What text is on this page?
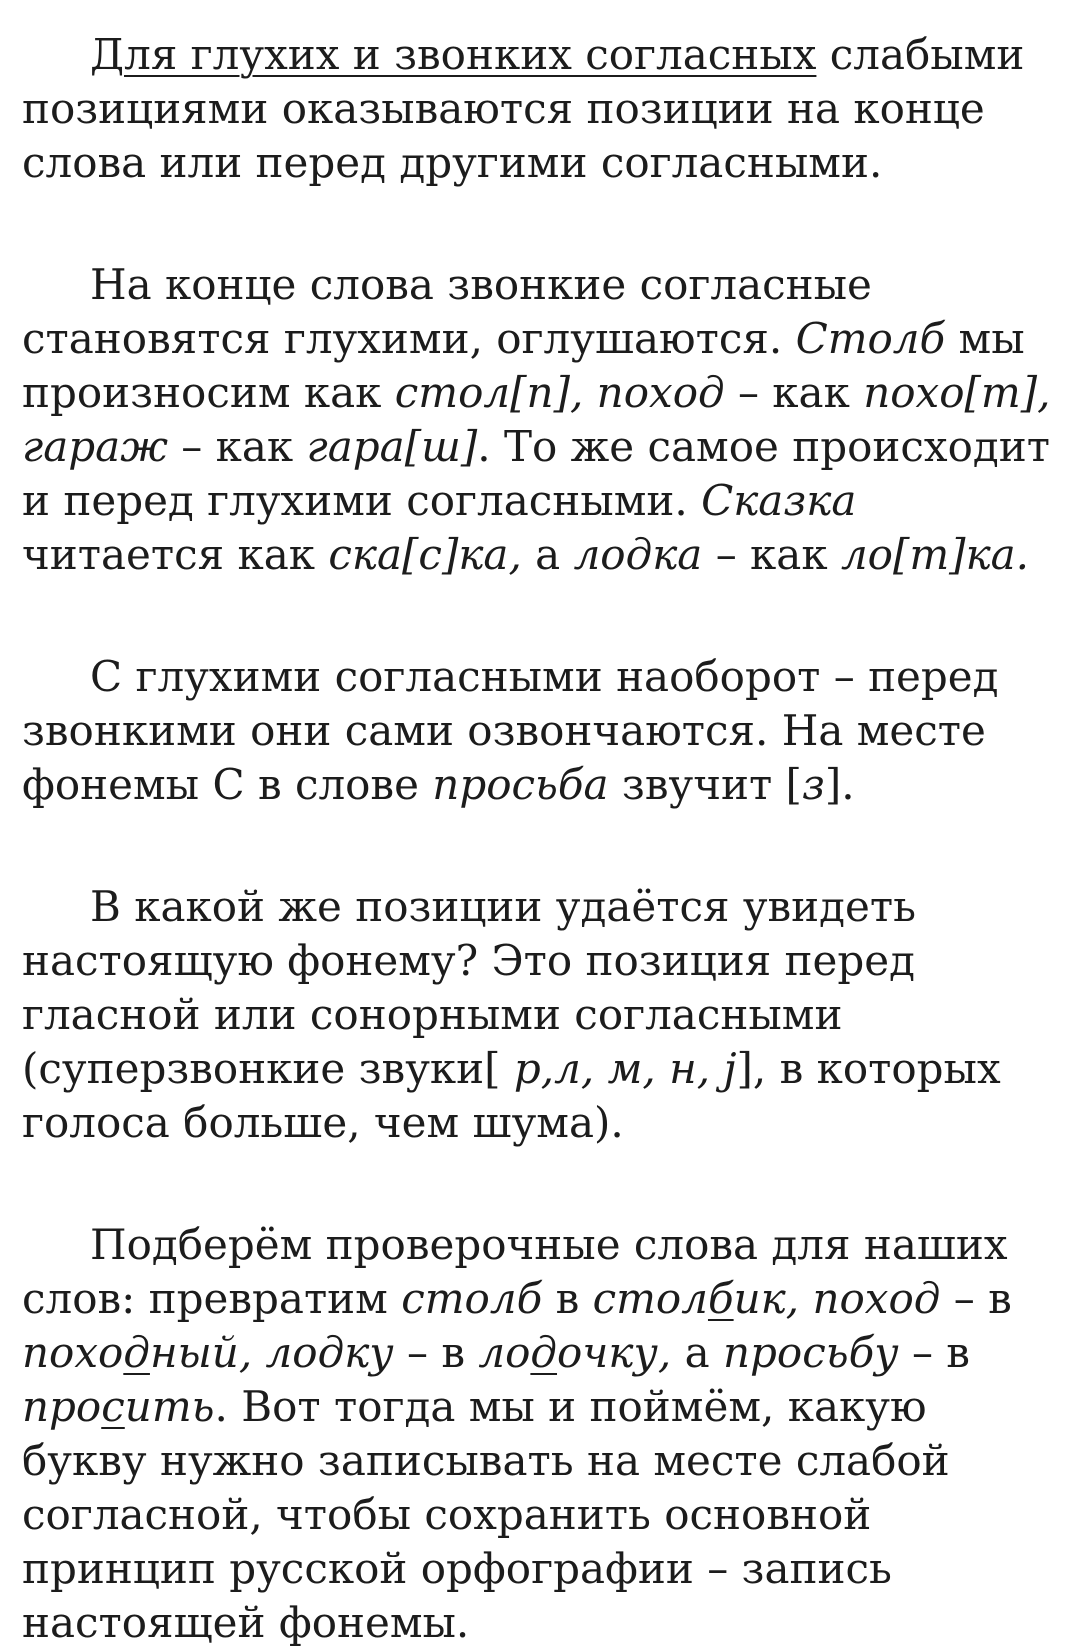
Для глухих и звонких согласных слабыми позициями оказываются позиции на конце слова или перед другими согласными.

На конце слова звонкие согласные становятся глухими, оглушаются. Столб мы произносим как стол[п], поход – как похо[т], гараж – как гара[ш]. То же самое происходит и перед глухими согласными. Сказка читается как ска[с]ка, а лодка – как ло[т]ка.

С глухими согласными наоборот – перед звонкими они сами озвончаются. На месте фонемы С в слове просьба звучит [з].

В какой же позиции удаётся увидеть настоящую фонему? Это позиция перед гласной или сонорными согласными (суперзвонкие звуки[ р,л, м, н, j], в которых голоса больше, чем шума).

Подберём проверочные слова для наших слов: превратим столб в столбик, поход – в походный, лодку – в лодочку, а просьбу – в просить. Вот тогда мы и поймём, какую букву нужно записывать на месте слабой согласной, чтобы сохранить основной принцип русской орфографии – запись настоящей фонемы.
